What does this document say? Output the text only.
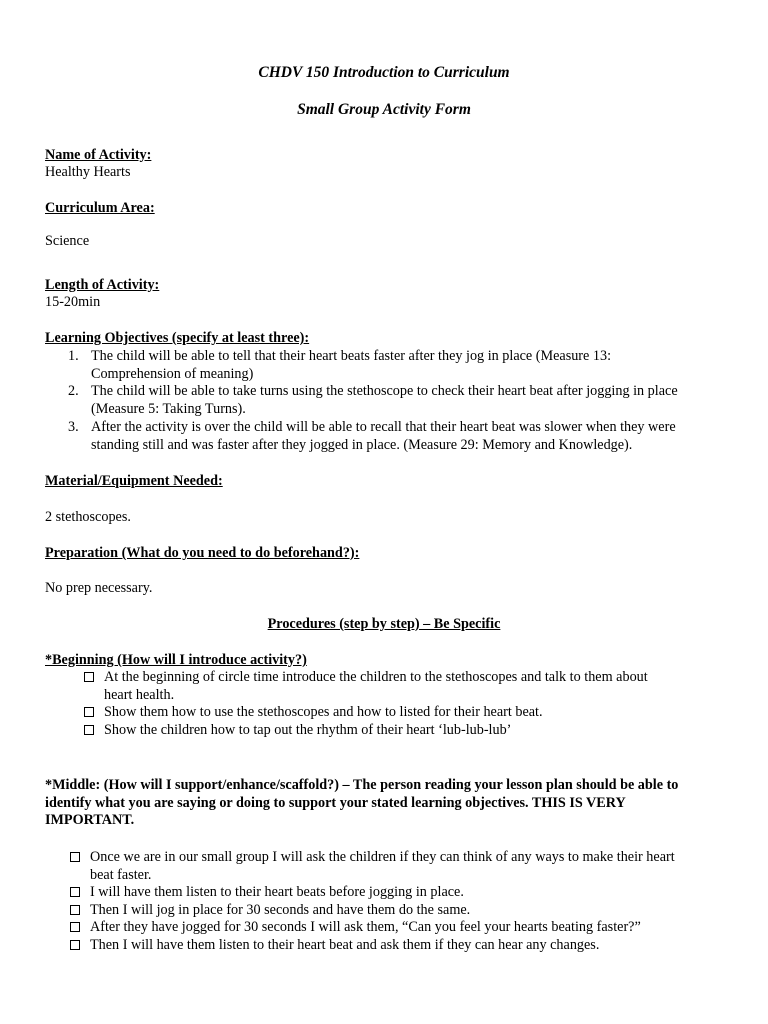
CHDV 150 Introduction to Curriculum
Small Group Activity Form
Name of Activity:
Healthy Hearts
Curriculum Area:
Science
Length of Activity:
15-20min
Learning Objectives (specify at least three):
1. The child will be able to tell that their heart beats faster after they jog in place (Measure 13:
Comprehension of meaning)
2. The child will be able to take turns using the stethoscope to check their heart beat after jogging in place
(Measure 5: Taking Turns).
3. After the activity is over the child will be able to recall that their heart beat was slower when they were
standing still and was faster after they jogged in place. (Measure 29: Memory and Knowledge).
Material/Equipment Needed:
2 stethoscopes.
Preparation (What do you need to do beforehand?):
No prep necessary.
Procedures (step by step) – Be Specific
*Beginning (How will I introduce activity?)
At the beginning of circle time introduce the children to the stethoscopes and talk to them about
heart health.
Show them how to use the stethoscopes and how to listed for their heart beat.
Show the children how to tap out the rhythm of their heart ‘lub-lub-lub’
*Middle: (How will I support/enhance/scaffold?) – The person reading your lesson plan should be able to
identify what you are saying or doing to support your stated learning objectives. THIS IS VERY
IMPORTANT.
Once we are in our small group I will ask the children if they can think of any ways to make their heart
beat faster.
I will have them listen to their heart beats before jogging in place.
Then I will jog in place for 30 seconds and have them do the same.
After they have jogged for 30 seconds I will ask them, “Can you feel your hearts beating faster?”
Then I will have them listen to their heart beat and ask them if they can hear any changes.
